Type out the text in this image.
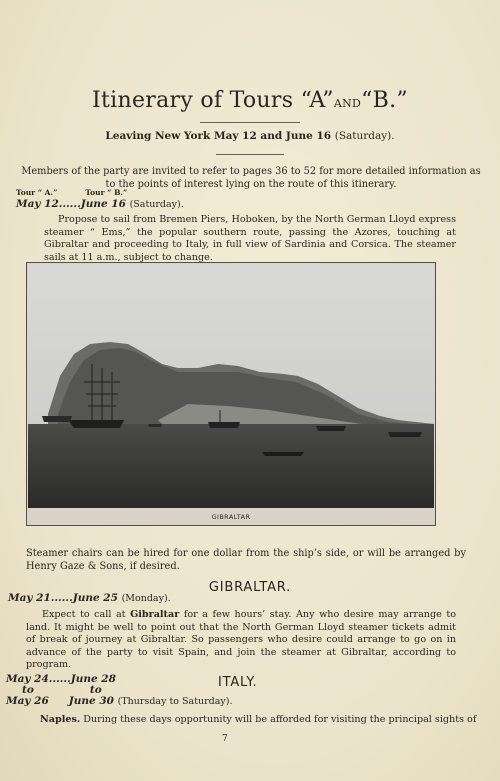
Itinerary of Tours “A”AND“B.”
Leaving New York May 12 and June 16 (Saturday).
Members of the party are invited to refer to pages 36 to 52 for more detailed information as to the points of interest lying on the route of this itinerary.
Tour “ A.”	Tour “ B.”
May 12......June 16 (Saturday).
Propose to sail from Bremen Piers, Hoboken, by the North German Lloyd express steamer “ Ems,” the popular southern route, passing the Azores, touching at Gibraltar and proceeding to Italy, in full view of Sardinia and Corsica. The steamer sails at 11 a.m., subject to change.
GIBRALTAR
Steamer chairs can be hired for one dollar from the ship’s side, or will be arranged by Henry Gaze & Sons, if desired.
GIBRALTAR.
May 21......June 25 (Monday).
Expect to call at Gibraltar for a few hours’ stay. Any who desire may arrange to land. It might be well to point out that the North German Lloyd steamer tickets admit of break of journey at Gibraltar. So passengers who desire could arrange to go on in advance of the party to visit Spain, and join the steamer at Gibraltar, according to program.
ITALY.
May 24......June 28
to	to
May 26 June 30 (Thursday to Saturday).
Naples. During these days opportunity will be afforded for visiting the principal sights of
7
